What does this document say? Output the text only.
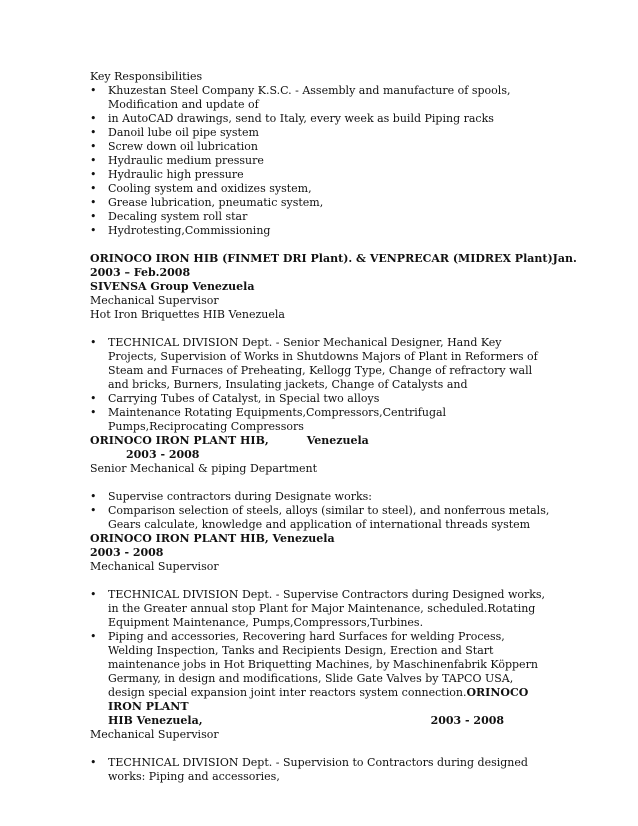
Key Responsibilities
• Khuzestan Steel Company K.S.C. - Assembly and manufacture of spools, Modification and update of
• in AutoCAD drawings, send to Italy, every week as build Piping racks
• Danoil lube oil pipe system
• Screw down oil lubrication
• Hydraulic medium pressure
• Hydraulic high pressure
• Cooling system and oxidizes system,
• Grease lubrication, pneumatic system,
• Decaling system roll star
• Hydrotesting,Commissioning
ORINOCO IRON HIB (FINMET DRI Plant). & VENPRECAR (MIDREX Plant) Jan.
2003 – Feb.2008
SIVENSA Group Venezuela
Mechanical Supervisor
Hot Iron Briquettes HIB Venezuela
• TECHNICAL DIVISION Dept. - Senior Mechanical Designer, Hand Key Projects, Supervision of Works in Shutdowns Majors of Plant in Reformers of Steam and Furnaces of Preheating, Kellogg Type, Change of refractory wall and bricks, Burners, Insulating jackets, Change of Catalysts and
• Carrying Tubes of Catalyst, in Special two alloys
• Maintenance Rotating Equipments,Compressors,Centrifugal Pumps,Reciprocating Compressors
ORINOCO IRON PLANT HIB,	Venezuela
2003 - 2008
Senior Mechanical & piping Department
• Supervise contractors during Designate works:
• Comparison selection of steels, alloys (similar to steel), and nonferrous metals, Gears calculate, knowledge and application of international threads system
ORINOCO IRON PLANT HIB, Venezuela
2003 - 2008
Mechanical Supervisor
• TECHNICAL DIVISION Dept. - Supervise Contractors during Designed works, in the Greater annual stop Plant for Major Maintenance, scheduled.Rotating Equipment Maintenance, Pumps,Compressors,Turbines.
• Piping and accessories, Recovering hard Surfaces for welding Process, Welding Inspection, Tanks and Recipients Design, Erection and Start maintenance jobs in Hot Briquetting Machines, by Maschinenfabrik Köppern Germany, in design and modifications, Slide Gate Valves by TAPCO USA, design special expansion joint inter reactors system connection.ORINOCO IRON PLANT
HIB Venezuela,	2003 - 2008
Mechanical Supervisor
• TECHNICAL DIVISION Dept. - Supervision to Contractors during designed works: Piping and accessories,
